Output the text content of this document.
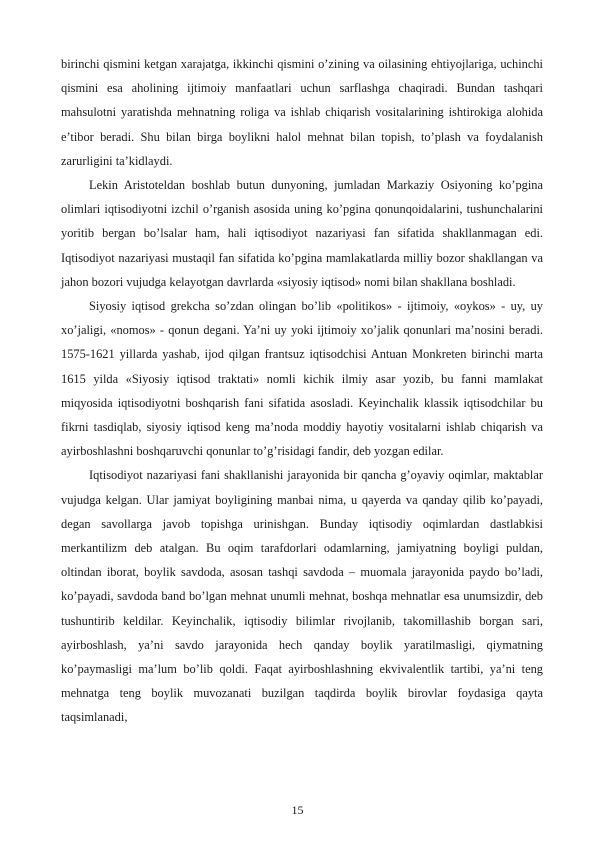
birinchi qismini ketgan xarajatga, ikkinchi qismini o’zining va oilasining ehtiyojlariga, uchinchi qismini esa aholining ijtimoiy manfaatlari uchun sarflashga chaqiradi. Bundan tashqari mahsulotni yaratishda mehnatning roliga va ishlab chiqarish vositalarining ishtirokiga alohida e’tibor beradi. Shu bilan birga boylikni halol mehnat bilan topish, to’plash va foydalanish zarurligini ta’kidlaydi.

Lekin Aristoteldan boshlab butun dunyoning, jumladan Markaziy Osiyoning ko’pgina olimlari iqtisodiyotni izchil o’rganish asosida uning ko’pgina qonunqoidalarini, tushunchalarini yoritib bergan bo’lsalar ham, hali iqtisodiyot nazariyasi fan sifatida shakllanmagan edi. Iqtisodiyot nazariyasi mustaqil fan sifatida ko’pgina mamlakatlarda milliy bozor shakllangan va jahon bozori vujudga kelayotgan davrlarda «siyosiy iqtisod» nomi bilan shakllana boshladi.

Siyosiy iqtisod grekcha so’zdan olingan bo’lib «politikos» - ijtimoiy, «oykos» - uy, uy xo’jaligi, «nomos» - qonun degani. Ya’ni uy yoki ijtimoiy xo’jalik qonunlari ma’nosini beradi. 1575-1621 yillarda yashab, ijod qilgan frantsuz iqtisodchisi Antuan Monkreten birinchi marta 1615 yilda «Siyosiy iqtisod traktati» nomli kichik ilmiy asar yozib, bu fanni mamlakat miqyosida iqtisodiyotni boshqarish fani sifatida asosladi. Keyinchalik klassik iqtisodchilar bu fikrni tasdiqlab, siyosiy iqtisod keng ma’noda moddiy hayotiy vositalarni ishlab chiqarish va ayirboshlashni boshqaruvchi qonunlar to’g’risidagi fandir, deb yozgan edilar.

Iqtisodiyot nazariyasi fani shakllanishi jarayonida bir qancha g’oyaviy oqimlar, maktablar vujudga kelgan. Ular jamiyat boyligining manbai nima, u qayerda va qanday qilib ko’payadi, degan savollarga javob topishga urinishgan. Bunday iqtisodiy oqimlardan dastlabkisi merkantilizm deb atalgan. Bu oqim tarafdorlari odamlarning, jamiyatning boyligi puldan, oltindan iborat, boylik savdoda, asosan tashqi savdoda – muomala jarayonida paydo bo’ladi, ko’payadi, savdoda band bo’lgan mehnat unumli mehnat, boshqa mehnatlar esa unumsizdir, deb tushuntirib keldilar. Keyinchalik, iqtisodiy bilimlar rivojlanib, takomillashib borgan sari, ayirboshlash, ya’ni savdo jarayonida hech qanday boylik yaratilmasligi, qiymatning ko’paymasligi ma’lum bo’lib qoldi. Faqat ayirboshlashning ekvivalentlik tartibi, ya’ni teng mehnatga teng boylik muvozanati buzilgan taqdirda boylik birovlar foydasiga qayta taqsimlanadi,

15
